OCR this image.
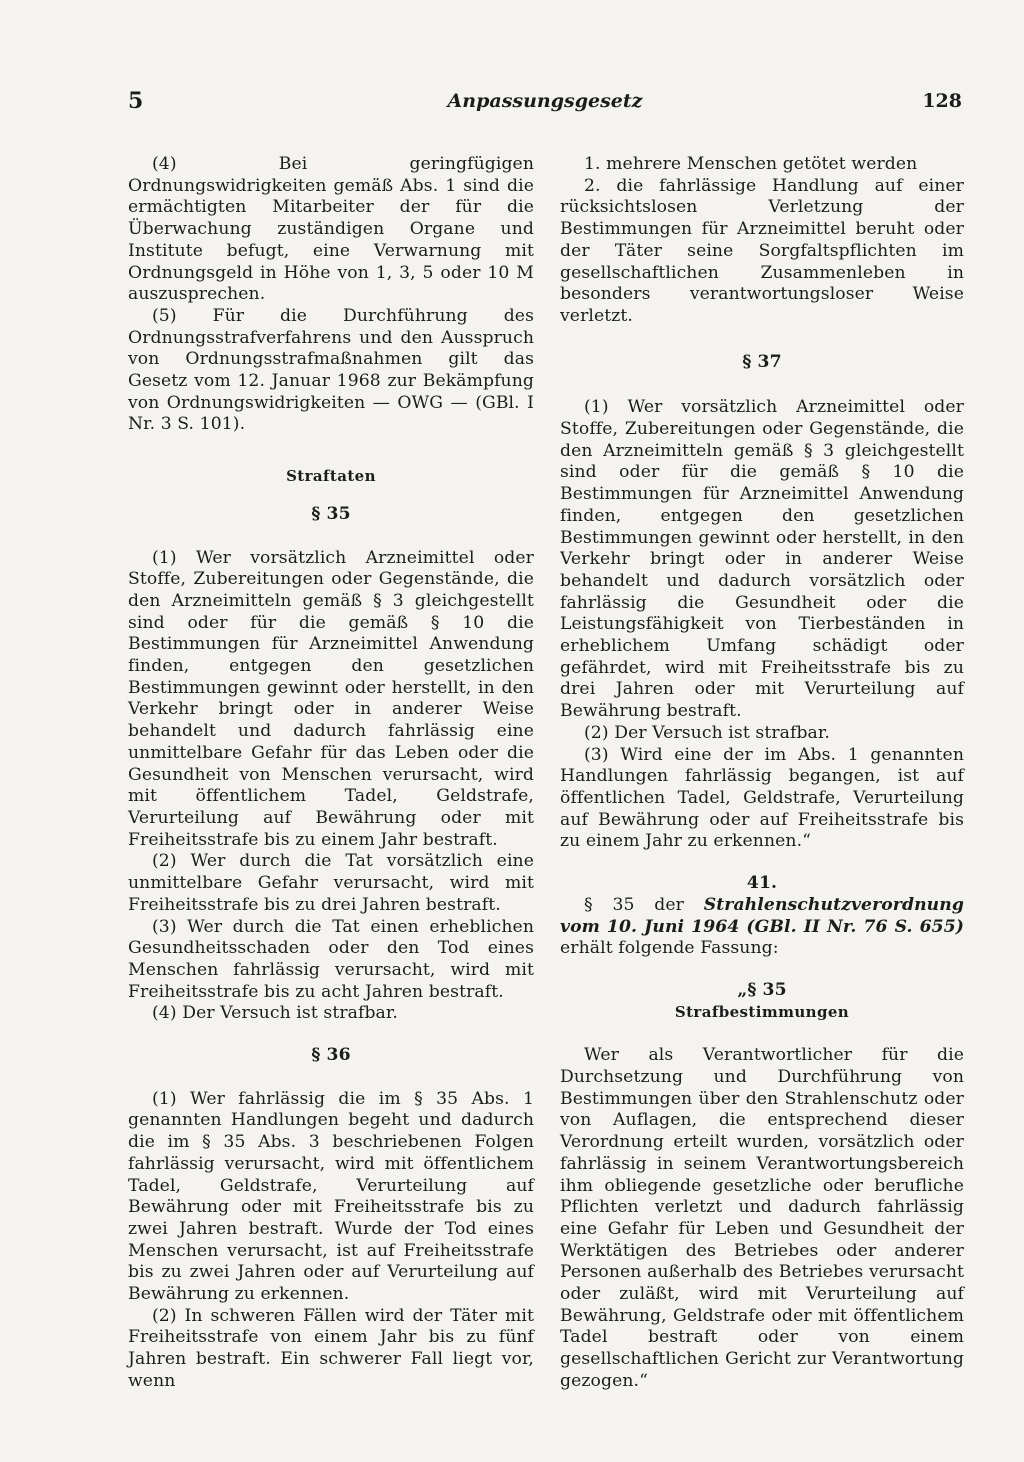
5	Anpassungsgesetz	128

(4) Bei geringfügigen Ordnungswidrigkeiten gemäß Abs. 1 sind die ermächtigten Mitarbeiter der für die Überwachung zuständigen Organe und Institute befugt, eine Verwarnung mit Ordnungsgeld in Höhe von 1, 3, 5 oder 10 M auszusprechen.

(5) Für die Durchführung des Ordnungsstrafverfahrens und den Ausspruch von Ordnungsstrafmaßnahmen gilt das Gesetz vom 12. Januar 1968 zur Bekämpfung von Ordnungswidrigkeiten — OWG — (GBl. I Nr. 3 S. 101).

Straftaten

§ 35

(1) Wer vorsätzlich Arzneimittel oder Stoffe, Zubereitungen oder Gegenstände, die den Arzneimitteln gemäß § 3 gleichgestellt sind oder für die gemäß § 10 die Bestimmungen für Arzneimittel Anwendung finden, entgegen den gesetzlichen Bestimmungen gewinnt oder herstellt, in den Verkehr bringt oder in anderer Weise behandelt und dadurch fahrlässig eine unmittelbare Gefahr für das Leben oder die Gesundheit von Menschen verursacht, wird mit öffentlichem Tadel, Geldstrafe, Verurteilung auf Bewährung oder mit Freiheitsstrafe bis zu einem Jahr bestraft.

(2) Wer durch die Tat vorsätzlich eine unmittelbare Gefahr verursacht, wird mit Freiheitsstrafe bis zu drei Jahren bestraft.

(3) Wer durch die Tat einen erheblichen Gesundheitsschaden oder den Tod eines Menschen fahrlässig verursacht, wird mit Freiheitsstrafe bis zu acht Jahren bestraft.

(4) Der Versuch ist strafbar.

§ 36

(1) Wer fahrlässig die im § 35 Abs. 1 genannten Handlungen begeht und dadurch die im § 35 Abs. 3 beschriebenen Folgen fahrlässig verursacht, wird mit öffentlichem Tadel, Geldstrafe, Verurteilung auf Bewährung oder mit Freiheitsstrafe bis zu zwei Jahren bestraft. Wurde der Tod eines Menschen verursacht, ist auf Freiheitsstrafe bis zu zwei Jahren oder auf Verurteilung auf Bewährung zu erkennen.

(2) In schweren Fällen wird der Täter mit Freiheitsstrafe von einem Jahr bis zu fünf Jahren bestraft. Ein schwerer Fall liegt vor, wenn

1. mehrere Menschen getötet werden

2. die fahrlässige Handlung auf einer rücksichtslosen Verletzung der Bestimmungen für Arzneimittel beruht oder der Täter seine Sorgfaltspflichten im gesellschaftlichen Zusammenleben in besonders verantwortungsloser Weise verletzt.

§ 37

(1) Wer vorsätzlich Arzneimittel oder Stoffe, Zubereitungen oder Gegenstände, die den Arzneimitteln gemäß § 3 gleichgestellt sind oder für die gemäß § 10 die Bestimmungen für Arzneimittel Anwendung finden, entgegen den gesetzlichen Bestimmungen gewinnt oder herstellt, in den Verkehr bringt oder in anderer Weise behandelt und dadurch vorsätzlich oder fahrlässig die Gesundheit oder die Leistungsfähigkeit von Tierbeständen in erheblichem Umfang schädigt oder gefährdet, wird mit Freiheitsstrafe bis zu drei Jahren oder mit Verurteilung auf Bewährung bestraft.

(2) Der Versuch ist strafbar.

(3) Wird eine der im Abs. 1 genannten Handlungen fahrlässig begangen, ist auf öffentlichen Tadel, Geldstrafe, Verurteilung auf Bewährung oder auf Freiheitsstrafe bis zu einem Jahr zu erkennen.“

41.

§ 35 der Strahlenschutzverordnung vom 10. Juni 1964 (GBl. II Nr. 76 S. 655) erhält folgende Fassung:

„§ 35

Strafbestimmungen

Wer als Verantwortlicher für die Durchsetzung und Durchführung von Bestimmungen über den Strahlenschutz oder von Auflagen, die entsprechend dieser Verordnung erteilt wurden, vorsätzlich oder fahrlässig in seinem Verantwortungsbereich ihm obliegende gesetzliche oder berufliche Pflichten verletzt und dadurch fahrlässig eine Gefahr für Leben und Gesundheit der Werktätigen des Betriebes oder anderer Personen außerhalb des Betriebes verursacht oder zuläßt, wird mit Verurteilung auf Bewährung, Geldstrafe oder mit öffentlichem Tadel bestraft oder von einem gesellschaftlichen Gericht zur Verantwortung gezogen.“
